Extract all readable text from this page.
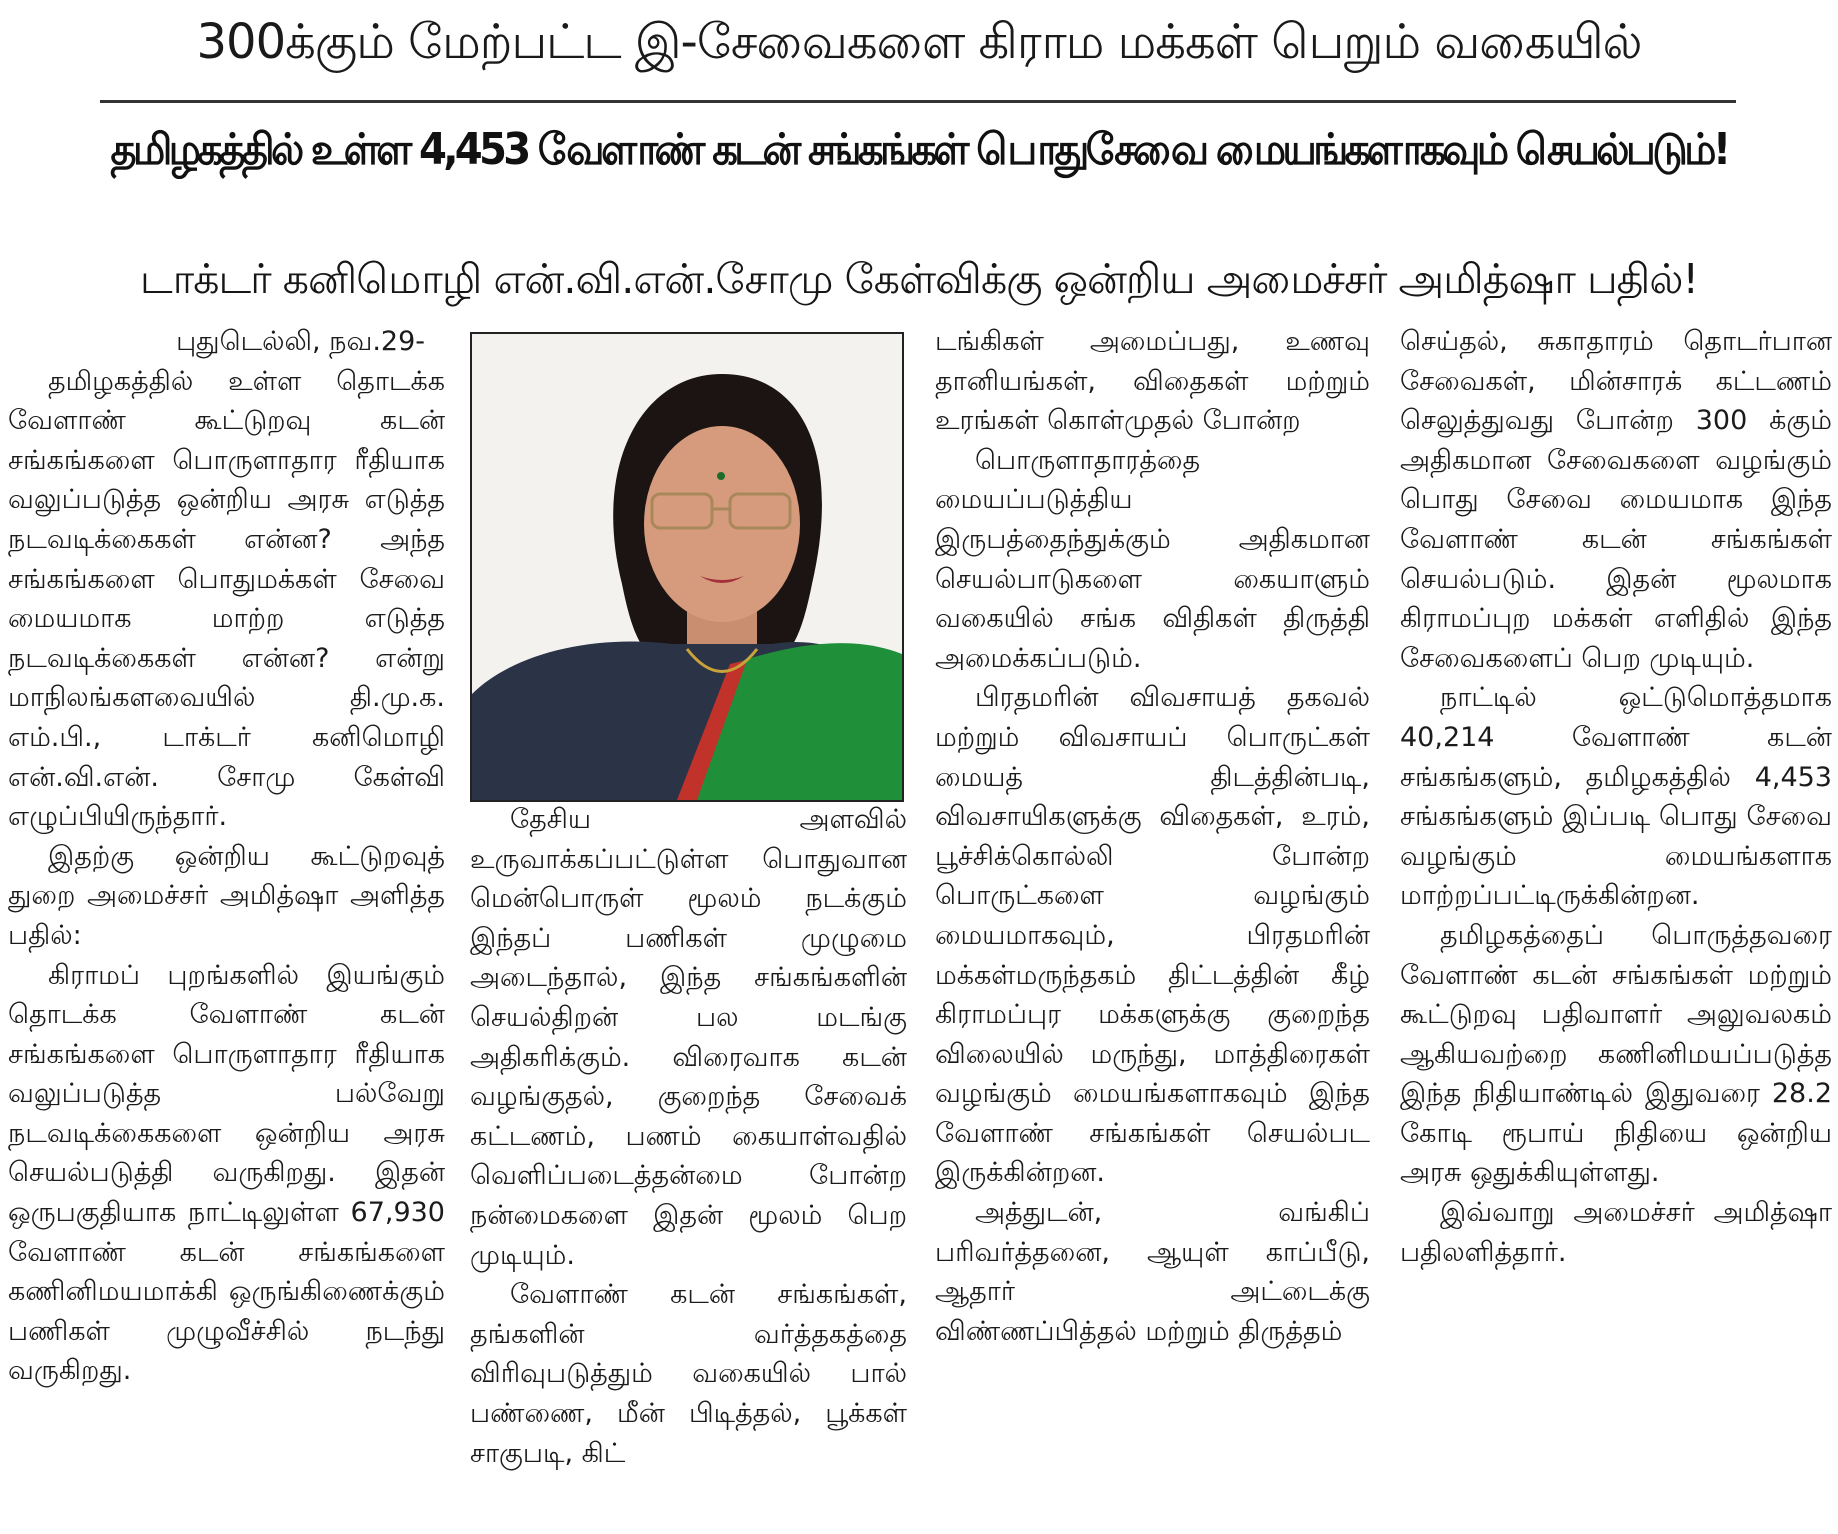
300க்கும் மேற்பட்ட இ-சேவைகளை கிராம மக்கள் பெறும் வகையில்
தமிழகத்தில் உள்ள 4,453 வேளாண் கடன் சங்கங்கள் பொதுசேவை மையங்களாகவும் செயல்படும்!
டாக்டர் கனிமொழி என்.வி.என்.சோமு கேள்விக்கு ஒன்றிய அமைச்சர் அமித்ஷா பதில்!

புதுடெல்லி, நவ.29-

தமிழகத்தில் உள்ள தொடக்க வேளாண் கூட்டுறவு கடன் சங்கங்களை பொருளாதார ரீதியாக வலுப்படுத்த ஒன்றிய அரசு எடுத்த நடவடிக்கைகள் என்ன? அந்த சங்கங்களை பொதுமக்கள் சேவை மையமாக மாற்ற எடுத்த நடவடிக்கைகள் என்ன? என்று மாநிலங்களவையில் தி.மு.க. எம்.பி., டாக்டர் கனிமொழி என்.வி.என். சோமு கேள்வி எழுப்பியிருந்தார்.

இதற்கு ஒன்றிய கூட்டுறவுத் துறை அமைச்சர் அமித்ஷா அளித்த பதில்:

கிராமப் புறங்களில் இயங்கும் தொடக்க வேளாண் கடன் சங்கங்களை பொருளாதார ரீதியாக வலுப்படுத்த பல்வேறு நடவடிக்கைகளை ஒன்றிய அரசு செயல்படுத்தி வருகிறது. இதன் ஒருபகுதியாக நாட்டிலுள்ள 67,930 வேளாண் கடன் சங்கங்களை கணினிமயமாக்கி ஒருங்கிணைக்கும் பணிகள் முழுவீச்சில் நடந்து வருகிறது.

தேசிய அளவில் உருவாக்கப்பட்டுள்ள பொதுவான மென்பொருள் மூலம் நடக்கும் இந்தப் பணிகள் முழுமை அடைந்தால், இந்த சங்கங்களின் செயல்திறன் பல மடங்கு அதிகரிக்கும். விரைவாக கடன் வழங்குதல், குறைந்த சேவைக் கட்டணம், பணம் கையாள்வதில் வெளிப்படைத்தன்மை போன்ற நன்மைகளை இதன் மூலம் பெற முடியும்.

வேளாண் கடன் சங்கங்கள், தங்களின் வர்த்தகத்தை விரிவுபடுத்தும் வகையில் பால் பண்ணை, மீன் பிடித்தல், பூக்கள் சாகுபடி, கிட்

டங்கிகள் அமைப்பது, உணவு தானியங்கள், விதைகள் மற்றும் உரங்கள் கொள்முதல் போன்ற

பொருளாதாரத்தை மையப்படுத்திய இருபத்தைந்துக்கும் அதிகமான செயல்பாடுகளை கையாளும் வகையில் சங்க விதிகள் திருத்தி அமைக்கப்படும்.

பிரதமரின் விவசாயத் தகவல் மற்றும் விவசாயப் பொருட்கள் மையத் திடத்தின்படி, விவசாயிகளுக்கு விதைகள், உரம், பூச்சிக்கொல்லி போன்ற பொருட்களை வழங்கும் மையமாகவும், பிரதமரின் மக்கள்மருந்தகம் திட்டத்தின் கீழ் கிராமப்புர மக்களுக்கு குறைந்த விலையில் மருந்து, மாத்திரைகள் வழங்கும் மையங்களாகவும் இந்த வேளாண் சங்கங்கள் செயல்பட இருக்கின்றன.

அத்துடன், வங்கிப் பரிவர்த்தனை, ஆயுள் காப்பீடு, ஆதார் அட்டைக்கு விண்ணப்பித்தல் மற்றும் திருத்தம்

செய்தல், சுகாதாரம் தொடர்பான சேவைகள், மின்சாரக் கட்டணம் செலுத்துவது போன்ற 300 க்கும் அதிகமான சேவைகளை வழங்கும் பொது சேவை மையமாக இந்த வேளாண் கடன் சங்கங்கள் செயல்படும். இதன் மூலமாக கிராமப்புற மக்கள் எளிதில் இந்த சேவைகளைப் பெற முடியும்.

நாட்டில் ஒட்டுமொத்தமாக 40,214 வேளாண் கடன் சங்கங்களும், தமிழகத்தில் 4,453 சங்கங்களும் இப்படி பொது சேவை வழங்கும் மையங்களாக மாற்றப்பட்டிருக்கின்றன.

தமிழகத்தைப் பொருத்தவரை வேளாண் கடன் சங்கங்கள் மற்றும் கூட்டுறவு பதிவாளர் அலுவலகம் ஆகியவற்றை கணினிமயப்படுத்த இந்த நிதியாண்டில் இதுவரை 28.2 கோடி ரூபாய் நிதியை ஒன்றிய அரசு ஒதுக்கியுள்ளது.

இவ்வாறு அமைச்சர் அமித்ஷா பதிலளித்தார்.
